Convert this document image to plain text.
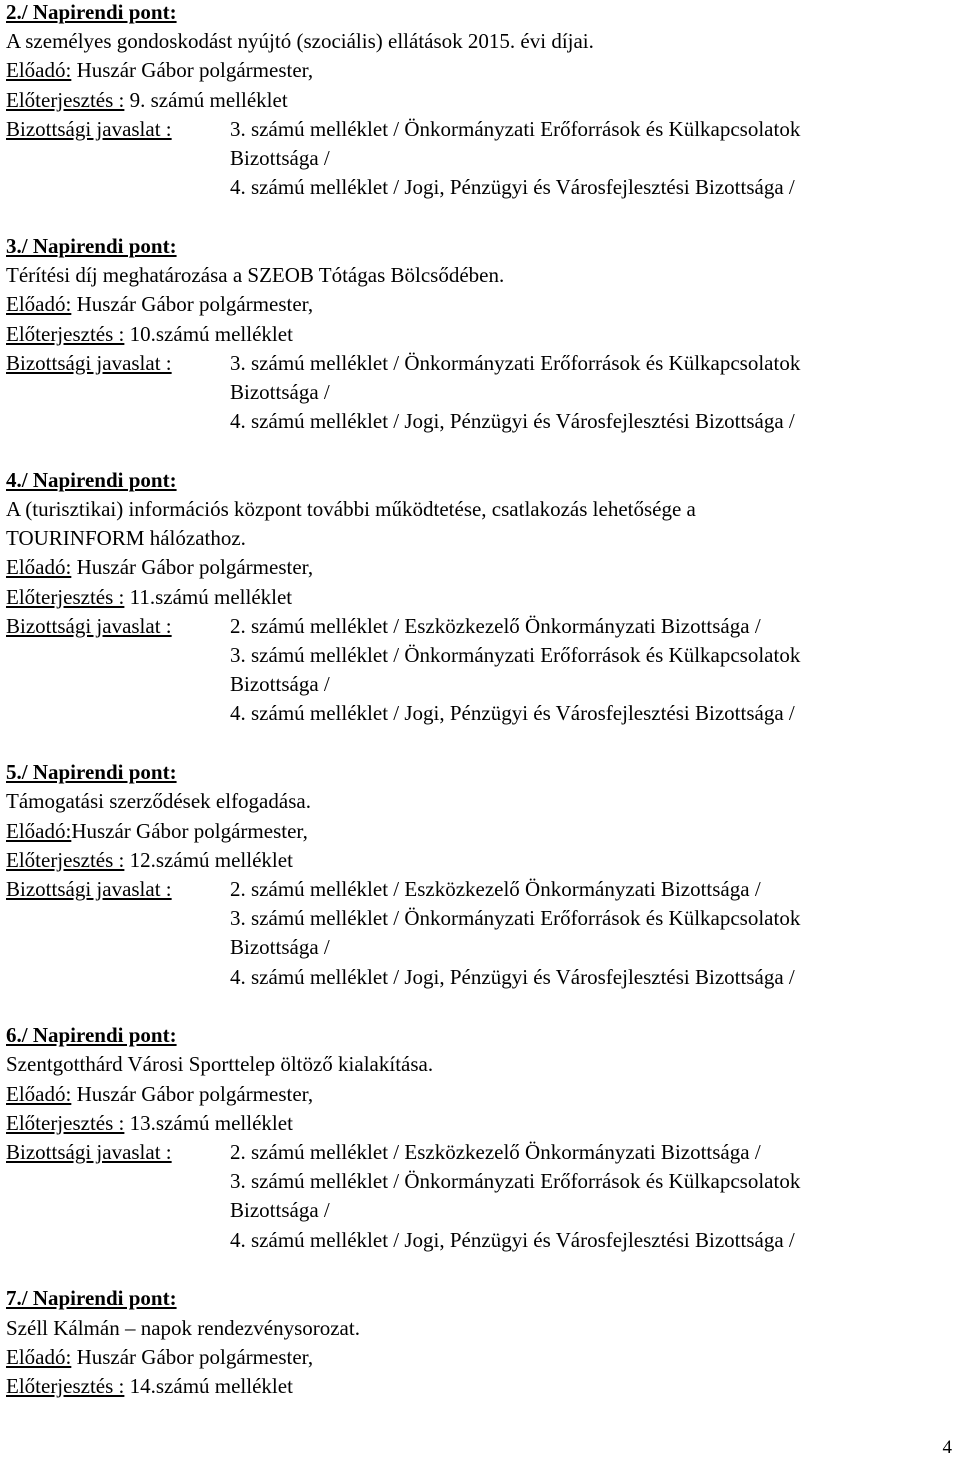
2./ Napirendi pont:
A személyes gondoskodást nyújtó (szociális) ellátások 2015. évi díjai.
Előadó: Huszár Gábor polgármester,
Előterjesztés : 9. számú melléklet
Bizottsági javaslat :	3. számú melléklet / Önkormányzati Erőforrások és Külkapcsolatok
Bizottsága /
4. számú melléklet / Jogi, Pénzügyi és Városfejlesztési Bizottsága /
3./ Napirendi pont:
Térítési díj meghatározása a SZEOB Tótágas Bölcsődében.
Előadó: Huszár Gábor polgármester,
Előterjesztés : 10.számú melléklet
Bizottsági javaslat :	3. számú melléklet / Önkormányzati Erőforrások és Külkapcsolatok
Bizottsága /
4. számú melléklet / Jogi, Pénzügyi és Városfejlesztési Bizottsága /
4./ Napirendi pont:
A (turisztikai) információs központ további működtetése, csatlakozás lehetősége a
TOURINFORM hálózathoz.
Előadó: Huszár Gábor polgármester,
Előterjesztés : 11.számú melléklet
Bizottsági javaslat :	2. számú melléklet / Eszközkezelő Önkormányzati Bizottsága /
3. számú melléklet / Önkormányzati Erőforrások és Külkapcsolatok
Bizottsága /
4. számú melléklet / Jogi, Pénzügyi és Városfejlesztési Bizottsága /
5./ Napirendi pont:
Támogatási szerződések elfogadása.
Előadó:Huszár Gábor polgármester,
Előterjesztés : 12.számú melléklet
Bizottsági javaslat :	2. számú melléklet / Eszközkezelő Önkormányzati Bizottsága /
3. számú melléklet / Önkormányzati Erőforrások és Külkapcsolatok
Bizottsága /
4. számú melléklet / Jogi, Pénzügyi és Városfejlesztési Bizottsága /
6./ Napirendi pont:
Szentgotthárd Városi Sporttelep öltöző kialakítása.
Előadó: Huszár Gábor polgármester,
Előterjesztés : 13.számú melléklet
Bizottsági javaslat :	2. számú melléklet / Eszközkezelő Önkormányzati Bizottsága /
3. számú melléklet / Önkormányzati Erőforrások és Külkapcsolatok
Bizottsága /
4. számú melléklet / Jogi, Pénzügyi és Városfejlesztési Bizottsága /
7./ Napirendi pont:
Széll Kálmán – napok rendezvénysorozat.
Előadó: Huszár Gábor polgármester,
Előterjesztés : 14.számú melléklet
4
